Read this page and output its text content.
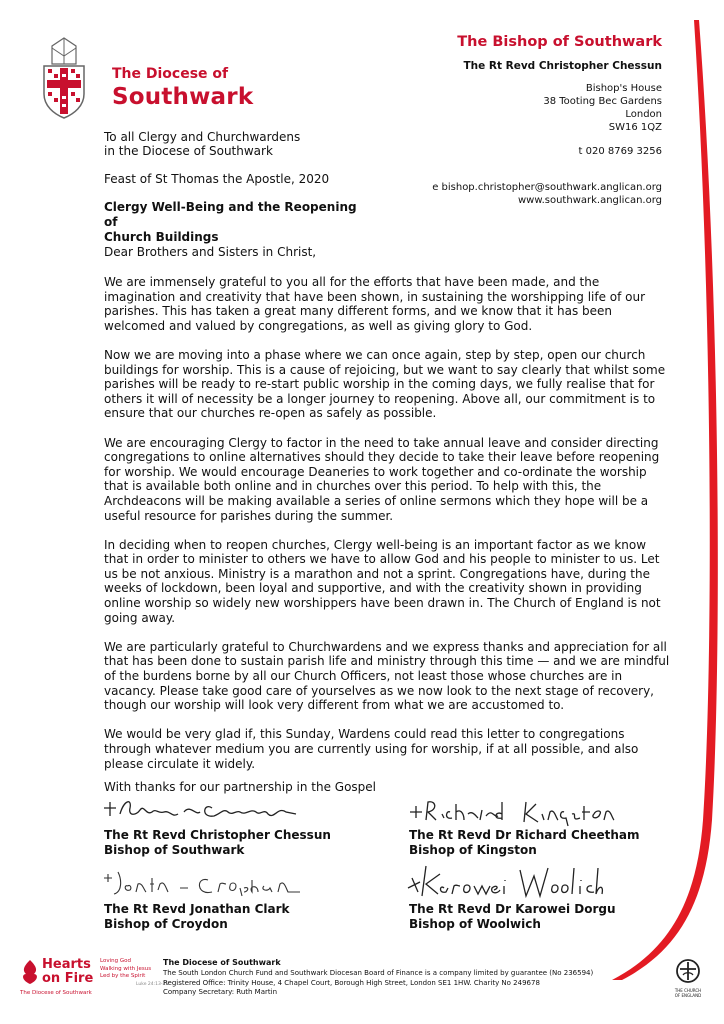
The Diocese of
Southwark
The Bishop of Southwark
The Rt Revd Christopher Chessun
Bishop's House
38 Tooting Bec Gardens
London
SW16 1QZ
t 020 8769 3256
e bishop.christopher@southwark.anglican.org
www.southwark.anglican.org
To all Clergy and Churchwardens
in the Diocese of Southwark
Feast of St Thomas the Apostle, 2020
Clergy Well-Being and the Reopening of
Church Buildings
Dear Brothers and Sisters in Christ,

We are immensely grateful to you all for the efforts that have been made, and the imagination and creativity that have been shown, in sustaining the worshipping life of our parishes. This has taken a great many different forms, and we know that it has been welcomed and valued by congregations, as well as giving glory to God.

Now we are moving into a phase where we can once again, step by step, open our church buildings for worship. This is a cause of rejoicing, but we want to say clearly that whilst some parishes will be ready to re-start public worship in the coming days, we fully realise that for others it will of necessity be a longer journey to reopening. Above all, our commitment is to ensure that our churches re-open as safely as possible.

We are encouraging Clergy to factor in the need to take annual leave and consider directing congregations to online alternatives should they decide to take their leave before reopening for worship. We would encourage Deaneries to work together and co-ordinate the worship that is available both online and in churches over this period. To help with this, the Archdeacons will be making available a series of online sermons which they hope will be a useful resource for parishes during the summer.

In deciding when to reopen churches, Clergy well-being is an important factor as we know that in order to minister to others we have to allow God and his people to minister to us. Let us be not anxious. Ministry is a marathon and not a sprint. Congregations have, during the weeks of lockdown, been loyal and supportive, and with the creativity shown in providing online worship so widely new worshippers have been drawn in. The Church of England is not going away.

We are particularly grateful to Churchwardens and we express thanks and appreciation for all that has been done to sustain parish life and ministry through this time — and we are mindful of the burdens borne by all our Church Officers, not least those whose churches are in vacancy. Please take good care of yourselves as we now look to the next stage of recovery, though our worship will look very different from what we are accustomed to.

We would be very glad if, this Sunday, Wardens could read this letter to congregations through whatever medium you are currently using for worship, if at all possible, and also please circulate it widely.

With thanks for our partnership in the Gospel
The Rt Revd Christopher Chessun
Bishop of Southwark
The Rt Revd Dr Richard Cheetham
Bishop of Kingston
The Rt Revd Jonathan Clark
Bishop of Croydon
The Rt Revd Dr Karowei Dorgu
Bishop of Woolwich
Hearts
on Fire
The Diocese of Southwark
Loving God
Walking with Jesus
Led by the Spirit
Luke 24:13-35
The Diocese of Southwark
The South London Church Fund and Southwark Diocesan Board of Finance is a company limited by guarantee (No 236594)
Registered Office: Trinity House, 4 Chapel Court, Borough High Street, London SE1 1HW. Charity No 249678
Company Secretary: Ruth Martin	THE CHURCH
OF ENGLAND
